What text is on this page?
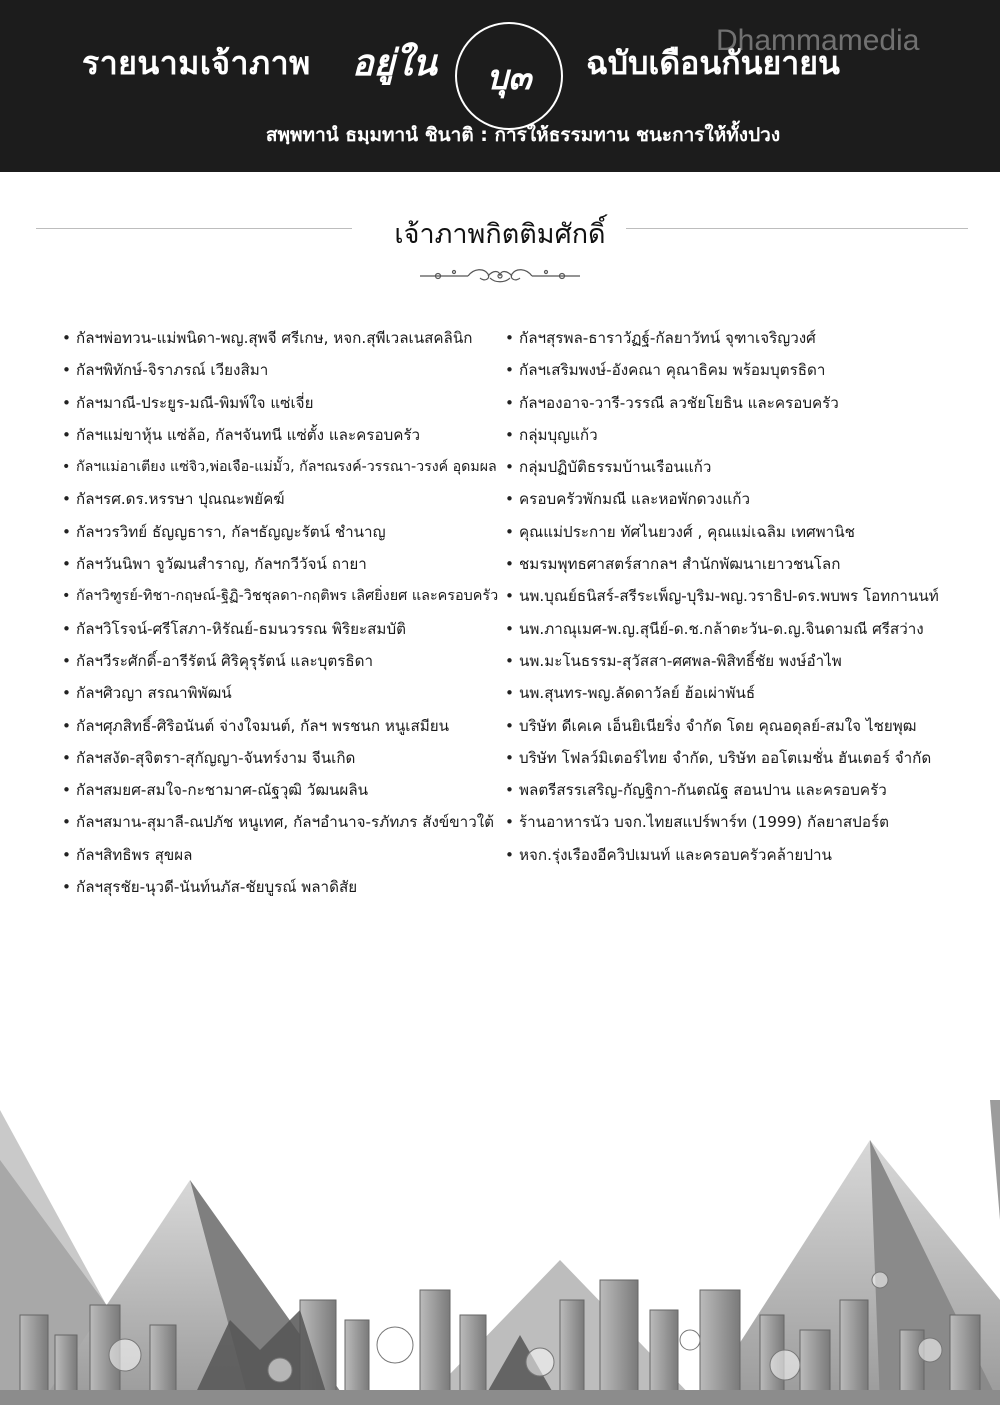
รายนามเจ้าภาพ อยู่ใน	บุ๓	ฉบับเดือนกันยายน
Dhammamedia
สพฺพทานํ ธมฺมทานํ ชินาติ : การให้ธรรมทาน ชนะการให้ทั้งปวง
เจ้าภาพกิตติมศักดิ์
• กัลฯพ่อทวน-แม่พนิดา-พญ.สุพจี ศรีเกษ, หจก.สุพีเวลเนสคลินิก
• กัลฯพิทักษ์-จิราภรณ์ เวียงสิมา
• กัลฯมาณี-ประยูร-มณี-พิมพ์ใจ แซ่เจี่ย
• กัลฯแม่ขาหุ้น แซ่ล้อ, กัลฯจันทนี แซ่ตั้ง และครอบครัว
• กัลฯแม่อาเตียง แซ่จิว,พ่อเจือ-แม่มั้ว, กัลฯณรงค์-วรรณา-วรงค์ อุดมผล
• กัลฯรศ.ดร.หรรษา ปุณณะพยัคฆ์
• กัลฯวรวิทย์ ธัญญธารา, กัลฯธัญญะรัตน์ ชำนาญ
• กัลฯวันนิพา จูวัฒนสำราญ, กัลฯกวีวัจน์ ถายา
• กัลฯวิฑูรย์-ทิชา-กฤษณ์-ฐิฏิ-วิชชุลดา-กฤติพร เลิศยิ่งยศ และครอบครัว
• กัลฯวิโรจน์-ศรีโสภา-หิรัณย์-ธมนวรรณ พิริยะสมบัติ
• กัลฯวีระศักดิ์-อารีรัตน์ ศิริคุรุรัตน์ และบุตรธิดา
• กัลฯศิวญา สรณาพิพัฒน์
• กัลฯศุภสิทธิ์-ศิริอนันต์ จ่างใจมนต์, กัลฯ พรชนก หนูเสมียน
• กัลฯสงัด-สุจิตรา-สุกัญญา-จันทร์งาม จีนเกิด
• กัลฯสมยศ-สมใจ-กะชามาศ-ณัฐวุฒิ วัฒนผลิน
• กัลฯสมาน-สุมาลี-ณปภัช หนูเทศ, กัลฯอำนาจ-รภัทภร สังข์ขาวใต้
• กัลฯสิทธิพร สุขผล
• กัลฯสุรชัย-นุวดี-นันท์นภัส-ชัยบูรณ์ พลาดิสัย
• กัลฯสุรพล-ธาราวัฏฐ์-กัลยาวัทน์ จุฑาเจริญวงศ์
• กัลฯเสริมพงษ์-อังคณา คุณาธิคม พร้อมบุตรธิดา
• กัลฯองอาจ-วารี-วรรณี ลวชัยโยธิน และครอบครัว
• กลุ่มบุญแก้ว
• กลุ่มปฏิบัติธรรมบ้านเรือนแก้ว
• ครอบครัวพักมณี และหอพักดวงแก้ว
• คุณแม่ประกาย ทัศไนยวงศ์ , คุณแม่เฉลิม เทศพานิช
• ชมรมพุทธศาสตร์สากลฯ สำนักพัฒนาเยาวชนโลก
• นพ.บุณย์ธนิสร์-สรีระเพ็ญ-บุริม-พญ.วราธิป-ดร.พบพร โอทกานนท์
• นพ.ภาณุเมศ-พ.ญ.สุนีย์-ด.ช.กล้าตะวัน-ด.ญ.จินดามณี ศรีสว่าง
• นพ.มะโนธรรม-สุวัสสา-ศศพล-พิสิทธิ์ชัย พงษ์อำไพ
• นพ.สุนทร-พญ.ลัดดาวัลย์ ฮ้อเผ่าพันธ์
• บริษัท ดีเคเค เอ็นยิเนียริ่ง จำกัด โดย คุณอดุลย์-สมใจ ไชยพุฒ
• บริษัท โฟลว์มิเตอร์ไทย จำกัด, บริษัท ออโตเมชั่น ฮันเตอร์ จำกัด
• พลตรีสรรเสริญ-กัญฐิกา-กันตณัฐ สอนปาน และครอบครัว
• ร้านอาหารนัว บจก.ไทยสแปร์พาร์ท (1999) กัลยาสปอร์ต
• หจก.รุ่งเรืองอีควิปเมนท์ และครอบครัวคล้ายปาน
